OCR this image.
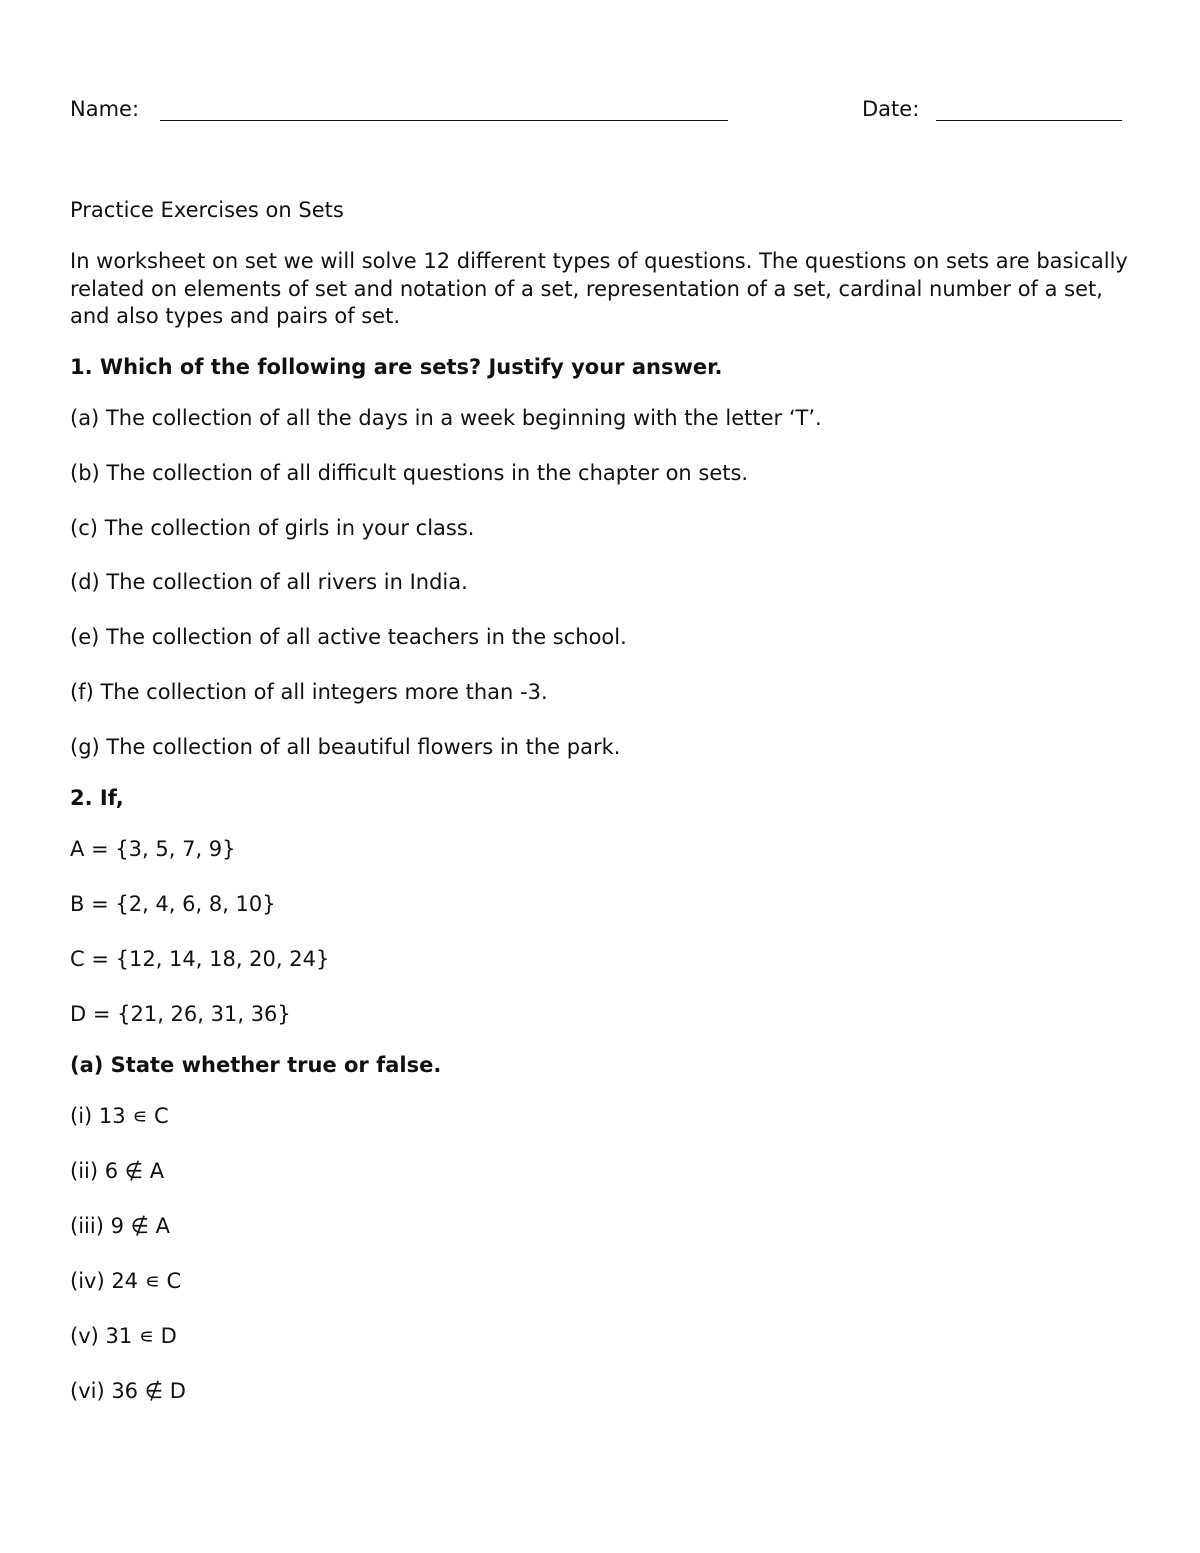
Name:	Date:
Practice Exercises on Sets

In worksheet on set we will solve 12 different types of questions. The questions on sets are basically related on elements of set and notation of a set, representation of a set, cardinal number of a set, and also types and pairs of set.

1. Which of the following are sets? Justify your answer.

(a) The collection of all the days in a week beginning with the letter ‘T’.

(b) The collection of all difficult questions in the chapter on sets.

(c) The collection of girls in your class.

(d) The collection of all rivers in India.

(e) The collection of all active teachers in the school.

(f) The collection of all integers more than -3.

(g) The collection of all beautiful flowers in the park.

2. If,

A = {3, 5, 7, 9}

B = {2, 4, 6, 8, 10}

C = {12, 14, 18, 20, 24}

D = {21, 26, 31, 36}

(a) State whether true or false.

(i) 13 ∊ C

(ii) 6 ∉ A

(iii) 9 ∉ A

(iv) 24 ∊ C

(v) 31 ∊ D

(vi) 36 ∉ D
